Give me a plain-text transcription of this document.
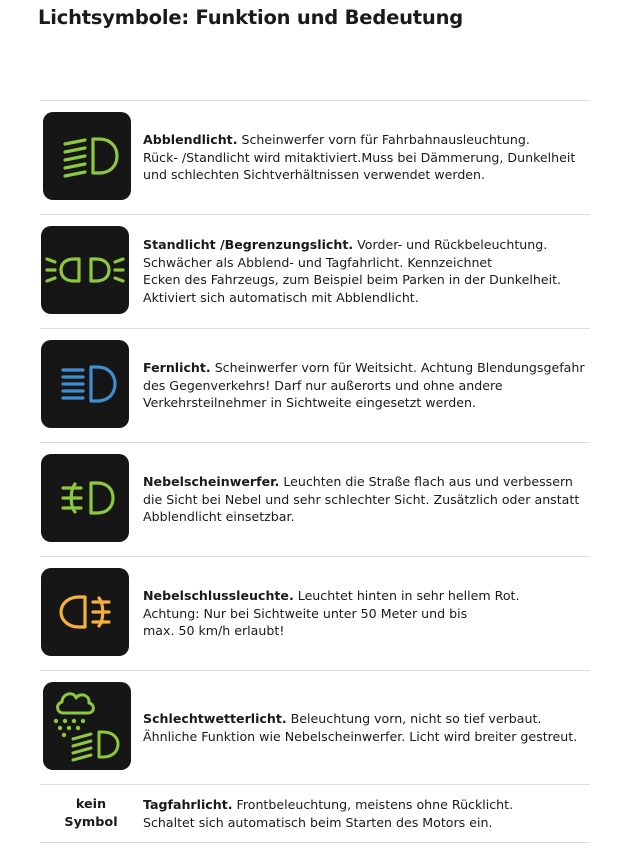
Lichtsymbole: Funktion und Bedeutung
Abblendlicht. Scheinwerfer vorn für Fahrbahnausleuchtung.
Rück- /Standlicht wird mitaktiviert.Muss bei Dämmerung, Dunkelheit
und schlechten Sichtverhältnissen verwendet werden.
Standlicht /Begrenzungslicht. Vorder- und Rückbeleuchtung.
Schwächer als Abblend- und Tagfahrlicht. Kennzeichnet
Ecken des Fahrzeugs, zum Beispiel beim Parken in der Dunkelheit.
Aktiviert sich automatisch mit Abblendlicht.
Fernlicht. Scheinwerfer vorn für Weitsicht. Achtung Blendungsgefahr
des Gegenverkehrs! Darf nur außerorts und ohne andere
Verkehrsteilnehmer in Sichtweite eingesetzt werden.
Nebelscheinwerfer. Leuchten die Straße flach aus und verbessern
die Sicht bei Nebel und sehr schlechter Sicht. Zusätzlich oder anstatt
Abblendlicht einsetzbar.
Nebelschlussleuchte. Leuchtet hinten in sehr hellem Rot.
Achtung: Nur bei Sichtweite unter 50 Meter und bis
max. 50 km/h erlaubt!
Schlechtwetterlicht. Beleuchtung vorn, nicht so tief verbaut.
Ähnliche Funktion wie Nebelscheinwerfer. Licht wird breiter gestreut.
kein
Symbol
Tagfahrlicht. Frontbeleuchtung, meistens ohne Rücklicht.
Schaltet sich automatisch beim Starten des Motors ein.
